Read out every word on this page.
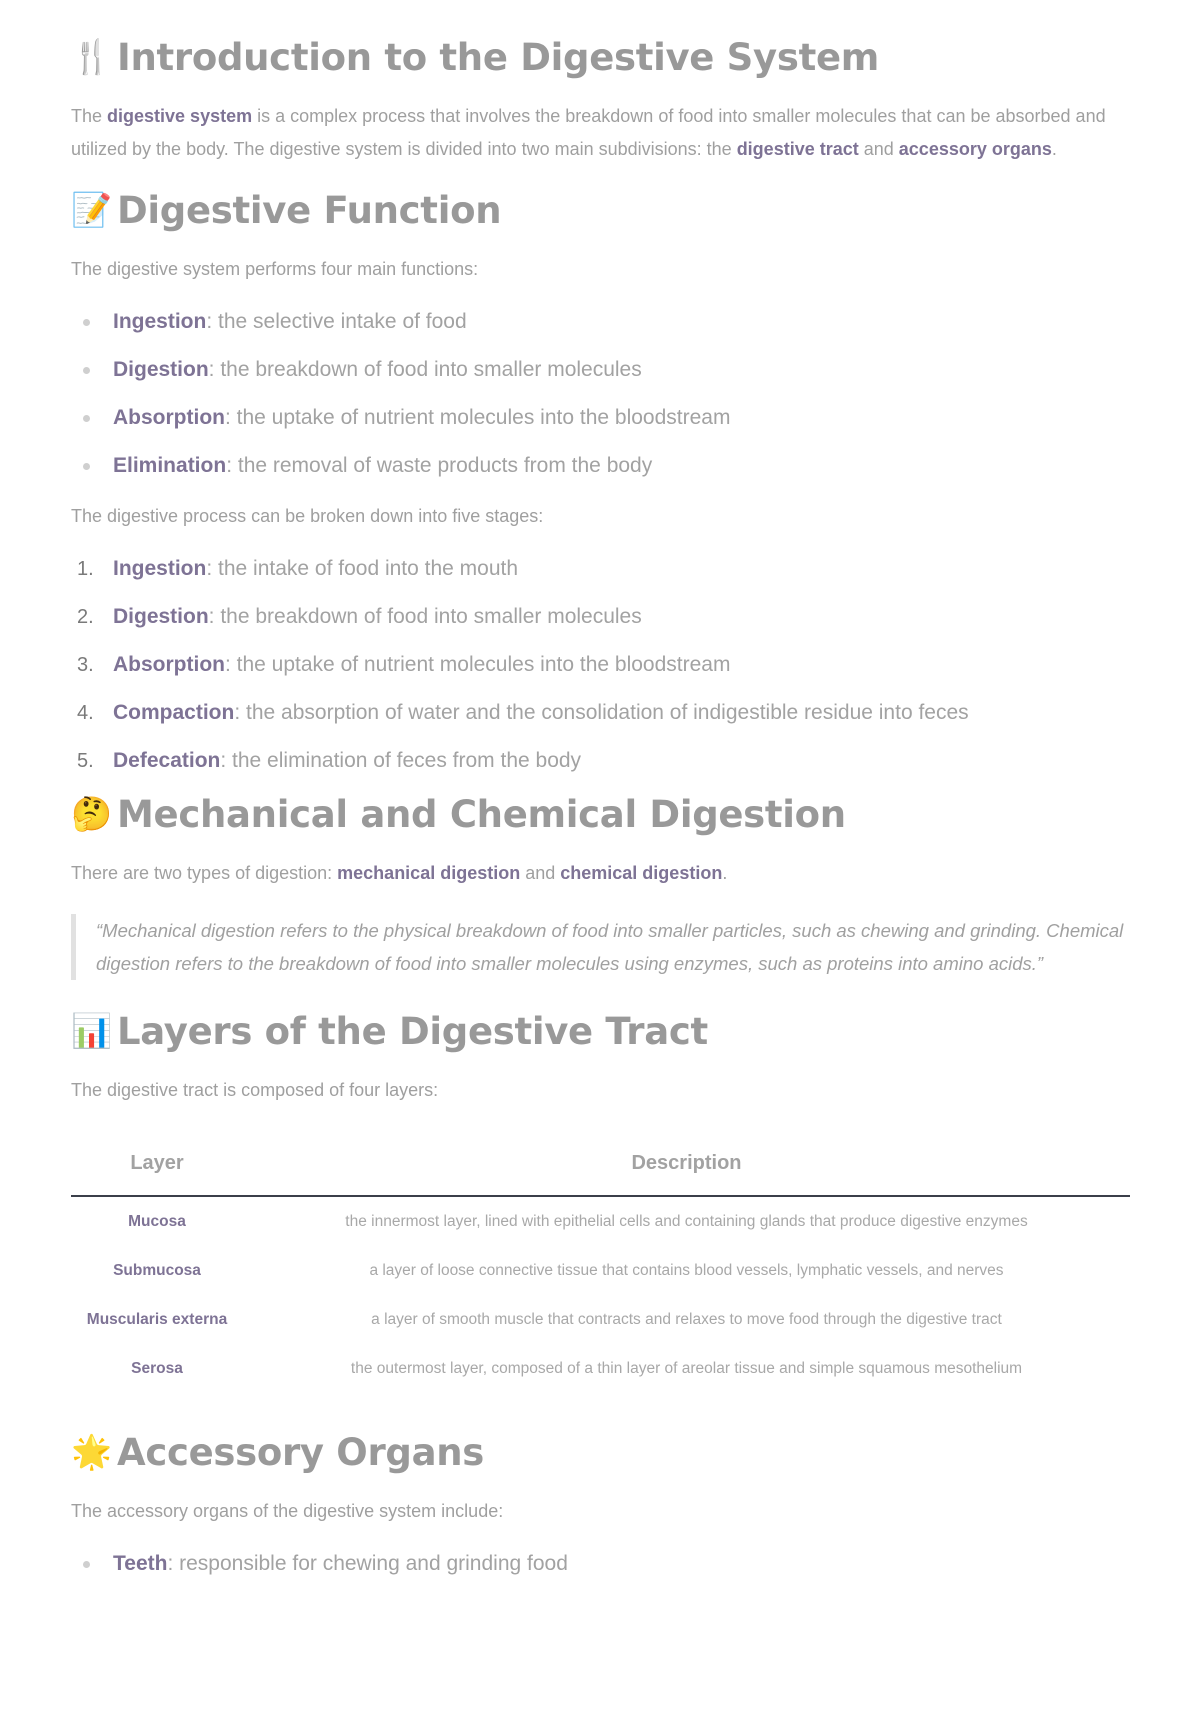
🍴 Introduction to the Digestive System

The digestive system is a complex process that involves the breakdown of food into smaller molecules that can be absorbed and utilized by the body. The digestive system is divided into two main subdivisions: the digestive tract and accessory organs.

📝 Digestive Function

The digestive system performs four main functions:

Ingestion: the selective intake of food
Digestion: the breakdown of food into smaller molecules
Absorption: the uptake of nutrient molecules into the bloodstream
Elimination: the removal of waste products from the body

The digestive process can be broken down into five stages:

1. Ingestion: the intake of food into the mouth
2. Digestion: the breakdown of food into smaller molecules
3. Absorption: the uptake of nutrient molecules into the bloodstream
4. Compaction: the absorption of water and the consolidation of indigestible residue into feces
5. Defecation: the elimination of feces from the body
🤔 Mechanical and Chemical Digestion

There are two types of digestion: mechanical digestion and chemical digestion.

“Mechanical digestion refers to the physical breakdown of food into smaller particles, such as chewing and grinding. Chemical digestion refers to the breakdown of food into smaller molecules using enzymes, such as proteins into amino acids.”
📊 Layers of the Digestive Tract

The digestive tract is composed of four layers:

Layer	Description
Mucosa	the innermost layer, lined with epithelial cells and containing glands that produce digestive enzymes
Submucosa	a layer of loose connective tissue that contains blood vessels, lymphatic vessels, and nerves
Muscularis externa	a layer of smooth muscle that contracts and relaxes to move food through the digestive tract
Serosa	the outermost layer, composed of a thin layer of areolar tissue and simple squamous mesothelium
🌟 Accessory Organs

The accessory organs of the digestive system include:

Teeth: responsible for chewing and grinding food
